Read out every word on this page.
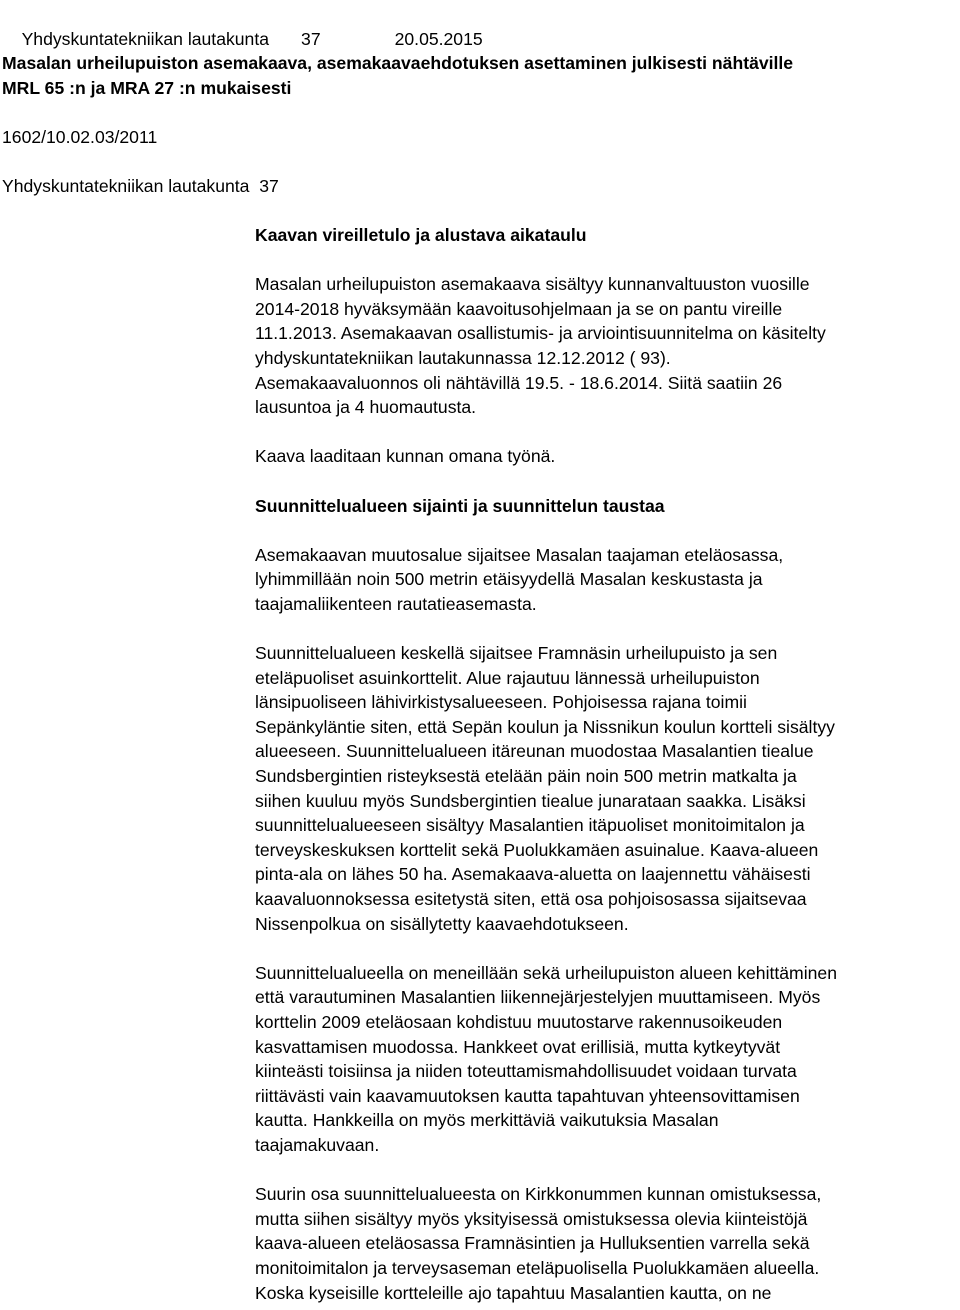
Yhdyskuntatekniikan lautakunta 37	20.05.2015

Masalan urheilupuiston asemakaava, asemakaavaehdotuksen asettaminen julkisesti nähtäville
MRL 65 :n ja MRA 27 :n mukaisesti
1602/10.02.03/2011
Yhdyskuntatekniikan lautakunta  37
Kaavan vireilletulo ja alustava aikataulu
Masalan urheilupuiston asemakaava sisältyy kunnanvaltuuston vuosille
2014-2018 hyväksymään kaavoitusohjelmaan ja se on pantu vireille
11.1.2013. Asemakaavan osallistumis- ja arviointisuunnitelma on käsitelty
yhdyskuntatekniikan lautakunnassa 12.12.2012 ( 93).
Asemakaavaluonnos oli nähtävillä 19.5. - 18.6.2014. Siitä saatiin 26
lausuntoa ja 4 huomautusta.
Kaava laaditaan kunnan omana työnä.
Suunnittelualueen sijainti ja suunnittelun taustaa
Asemakaavan muutosalue sijaitsee Masalan taajaman eteläosassa,
lyhimmillään noin 500 metrin etäisyydellä Masalan keskustasta ja
taajamaliikenteen rautatieasemasta.
Suunnittelualueen keskellä sijaitsee Framnäsin urheilupuisto ja sen
eteläpuoliset asuinkorttelit. Alue rajautuu lännessä urheilupuiston
länsipuoliseen lähivirkistysalueeseen. Pohjoisessa rajana toimii
Sepänkyläntie siten, että Sepän koulun ja Nissnikun koulun kortteli sisältyy
alueeseen. Suunnittelualueen itäreunan muodostaa Masalantien tiealue
Sundsbergintien risteyksestä etelään päin noin 500 metrin matkalta ja
siihen kuuluu myös Sundsbergintien tiealue junarataan saakka. Lisäksi
suunnittelualueeseen sisältyy Masalantien itäpuoliset monitoimitalon ja
terveyskeskuksen korttelit sekä Puolukkamäen asuinalue. Kaava-alueen
pinta-ala on lähes 50 ha. Asemakaava-aluetta on laajennettu vähäisesti
kaavaluonnoksessa esitetystä siten, että osa pohjoisosassa sijaitsevaa
Nissenpolkua on sisällytetty kaavaehdotukseen.
Suunnittelualueella on meneillään sekä urheilupuiston alueen kehittäminen
että varautuminen Masalantien liikennejärjestelyjen muuttamiseen. Myös
korttelin 2009 eteläosaan kohdistuu muutostarve rakennusoikeuden
kasvattamisen muodossa. Hankkeet ovat erillisiä, mutta kytkeytyvät
kiinteästi toisiinsa ja niiden toteuttamismahdollisuudet voidaan turvata
riittävästi vain kaavamuutoksen kautta tapahtuvan yhteensovittamisen
kautta. Hankkeilla on myös merkittäviä vaikutuksia Masalan
taajamakuvaan.
Suurin osa suunnittelualueesta on Kirkkonummen kunnan omistuksessa,
mutta siihen sisältyy myös yksityisessä omistuksessa olevia kiinteistöjä
kaava-alueen eteläosassa Framnäsintien ja Hulluksentien varrella sekä
monitoimitalon ja terveysaseman eteläpuolisella Puolukkamäen alueella.
Koska kyseisille kortteleille ajo tapahtuu Masalantien kautta, on ne
